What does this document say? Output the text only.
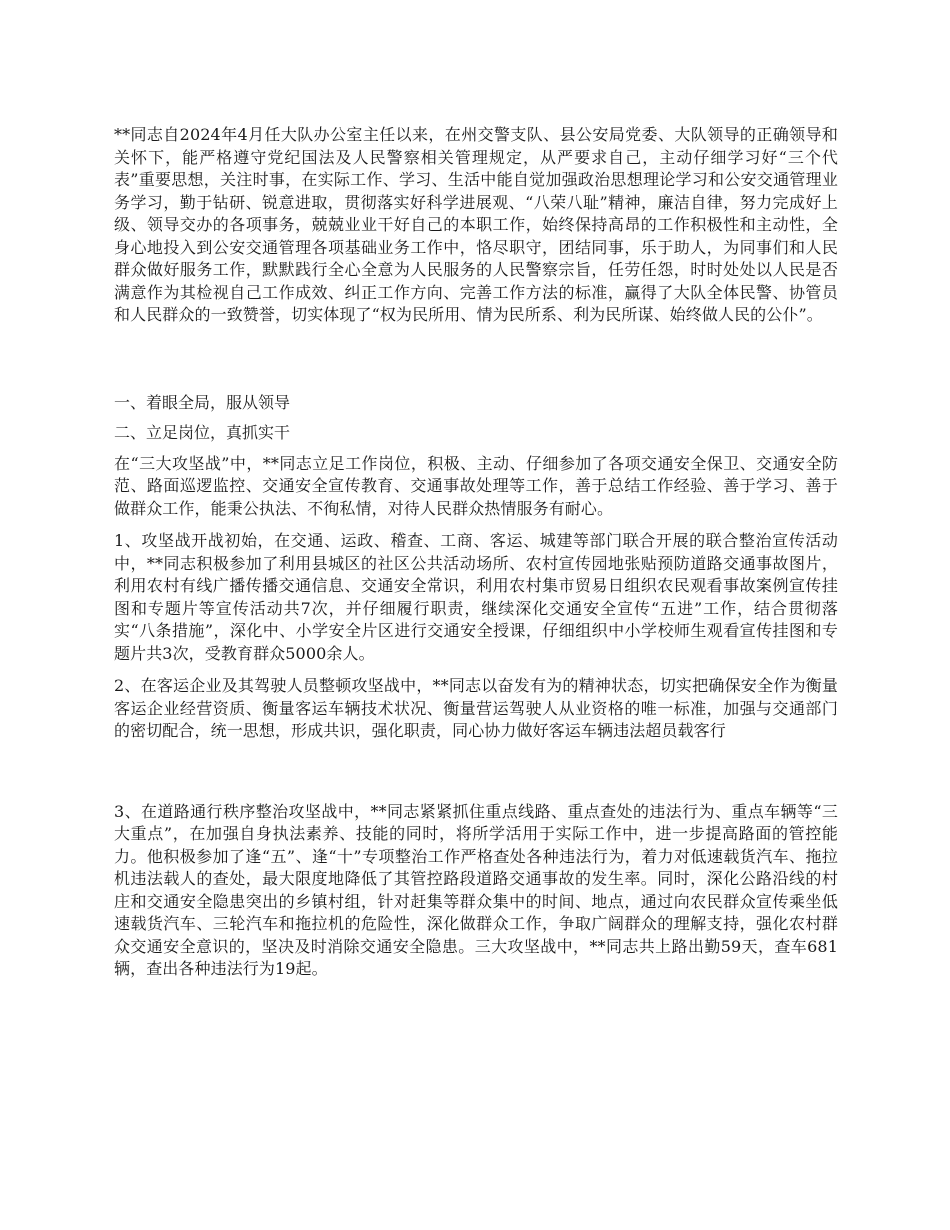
**同志自2024年4月任大队办公室主任以来，在州交警支队、县公安局党委、大队领导的正确领导和关怀下，能严格遵守党纪国法及人民警察相关管理规定，从严要求自己，主动仔细学习好“三个代表”重要思想，关注时事，在实际工作、学习、生活中能自觉加强政治思想理论学习和公安交通管理业务学习，勤于钻研、锐意进取，贯彻落实好科学进展观、“八荣八耻”精神，廉洁自律，努力完成好上级、领导交办的各项事务，兢兢业业干好自己的本职工作，始终保持高昂的工作积极性和主动性，全身心地投入到公安交通管理各项基础业务工作中，恪尽职守，团结同事，乐于助人，为同事们和人民群众做好服务工作，默默践行全心全意为人民服务的人民警察宗旨，任劳任怨，时时处处以人民是否满意作为其检视自己工作成效、纠正工作方向、完善工作方法的标准，赢得了大队全体民警、协管员和人民群众的一致赞誉，切实体现了“权为民所用、情为民所系、利为民所谋、始终做人民的公仆”。

一、着眼全局，服从领导

二、立足岗位，真抓实干

在“三大攻坚战”中，**同志立足工作岗位，积极、主动、仔细参加了各项交通安全保卫、交通安全防范、路面巡逻监控、交通安全宣传教育、交通事故处理等工作，善于总结工作经验、善于学习、善于做群众工作，能秉公执法、不徇私情，对待人民群众热情服务有耐心。

1、攻坚战开战初始，在交通、运政、稽查、工商、客运、城建等部门联合开展的联合整治宣传活动中，**同志积极参加了利用县城区的社区公共活动场所、农村宣传园地张贴预防道路交通事故图片，利用农村有线广播传播交通信息、交通安全常识，利用农村集市贸易日组织农民观看事故案例宣传挂图和专题片等宣传活动共7次，并仔细履行职责，继续深化交通安全宣传“五进”工作，结合贯彻落实“八条措施”，深化中、小学安全片区进行交通安全授课，仔细组织中小学校师生观看宣传挂图和专题片共3次，受教育群众5000余人。

2、在客运企业及其驾驶人员整顿攻坚战中，**同志以奋发有为的精神状态，切实把确保安全作为衡量客运企业经营资质、衡量客运车辆技术状况、衡量营运驾驶人从业资格的唯一标准，加强与交通部门的密切配合，统一思想，形成共识，强化职责，同心协力做好客运车辆违法超员载客行

3、在道路通行秩序整治攻坚战中，**同志紧紧抓住重点线路、重点查处的违法行为、重点车辆等“三大重点”，在加强自身执法素养、技能的同时，将所学活用于实际工作中，进一步提高路面的管控能力。他积极参加了逢“五”、逢“十”专项整治工作严格查处各种违法行为，着力对低速载货汽车、拖拉机违法载人的查处，最大限度地降低了其管控路段道路交通事故的发生率。同时，深化公路沿线的村庄和交通安全隐患突出的乡镇村组，针对赶集等群众集中的时间、地点，通过向农民群众宣传乘坐低速载货汽车、三轮汽车和拖拉机的危险性，深化做群众工作，争取广阔群众的理解支持，强化农村群众交通安全意识的，坚决及时消除交通安全隐患。三大攻坚战中，**同志共上路出勤59天，查车681辆，查出各种违法行为19起。
